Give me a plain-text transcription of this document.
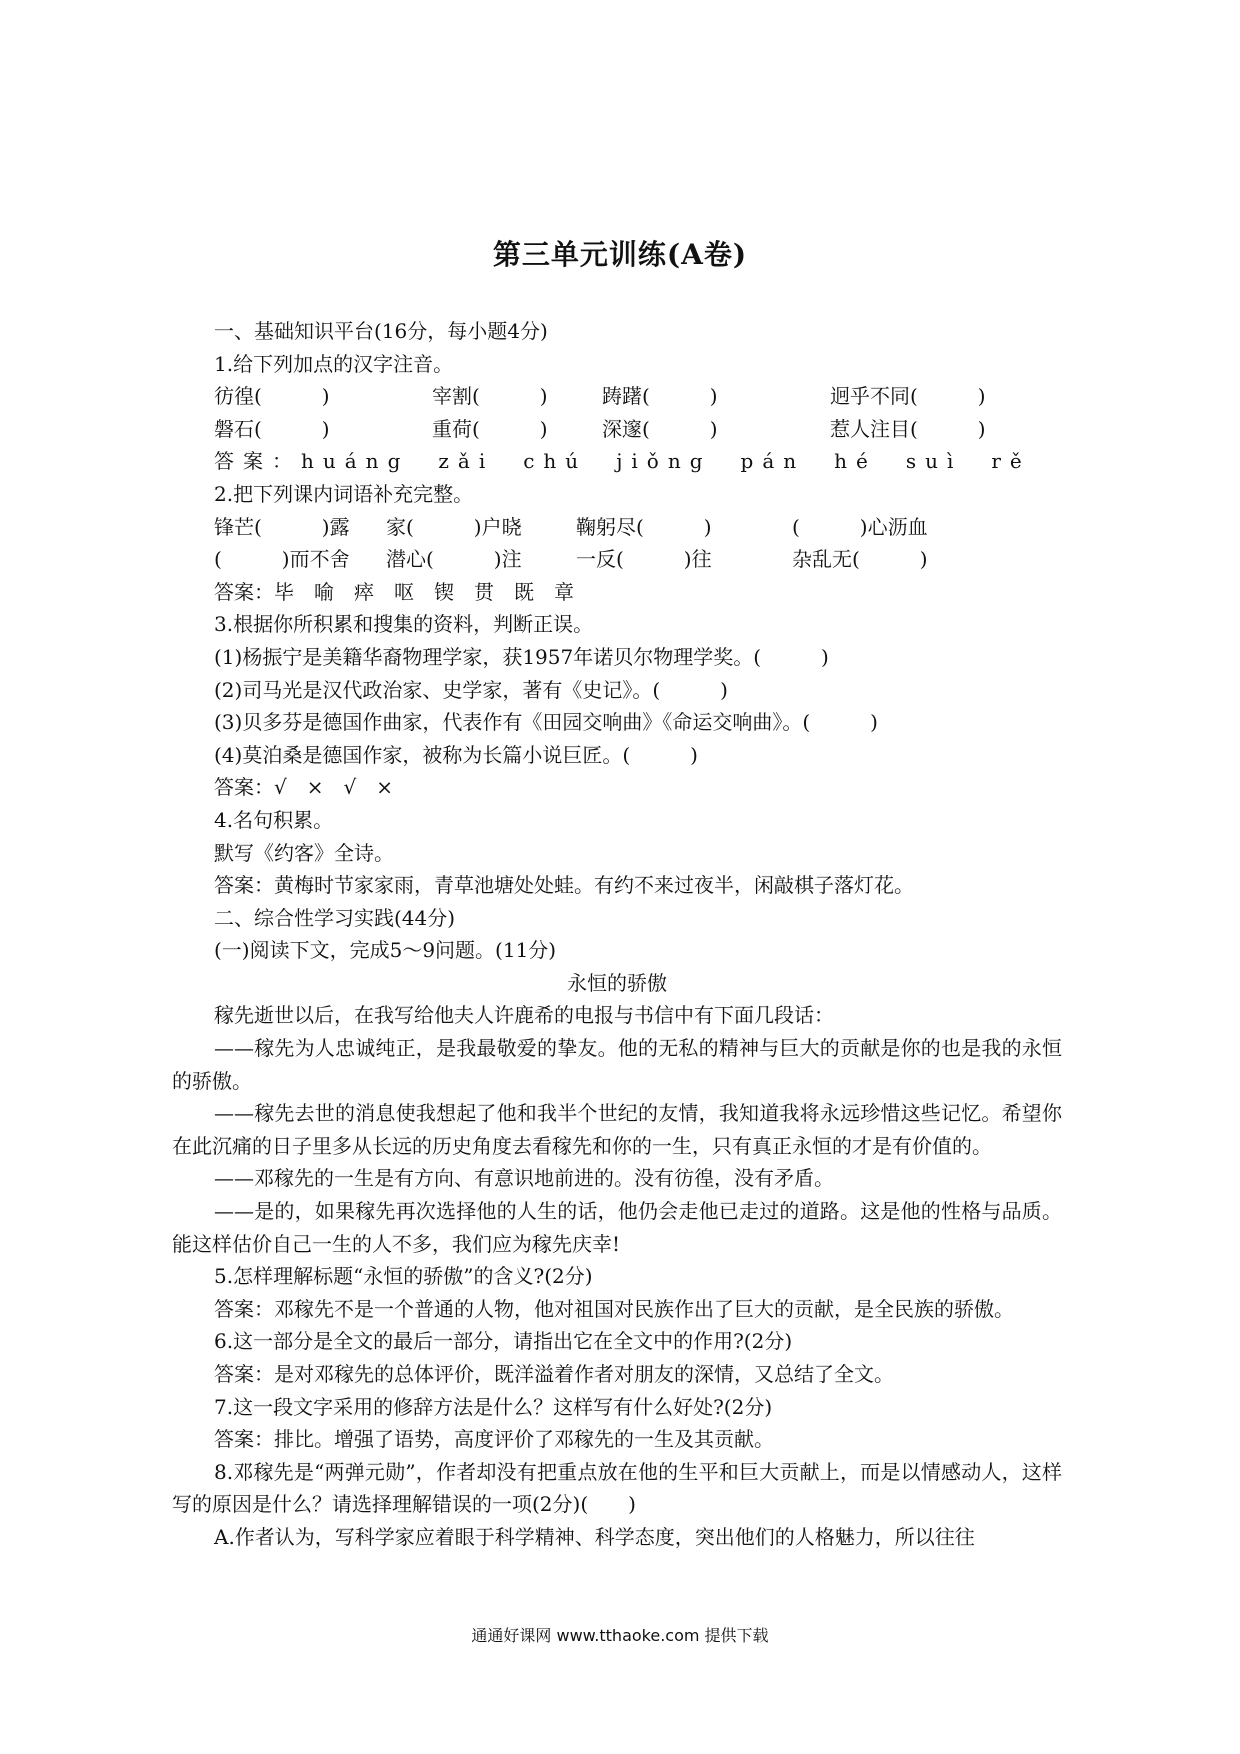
第三单元训练(A卷)
一、基础知识平台(16分，每小题4分)
1.给下列加点的汉字注音。
彷徨(　　　)	宰割(　　　)	踌躇(　　　)	迥乎不同(　　　)
磐石(　　　)	重荷(　　　)	深邃(　　　)	惹人注目(　　　)
答案：huáng　zǎi　chú　jiǒng　pán　hé　suì　rě
2.把下列课内词语补充完整。
锋芒(　　　)露	家(　　　)户晓	鞠躬尽(　　　)	(　　　)心沥血
(　　　)而不舍	潜心(　　　)注	一反(　　　)往	杂乱无(　　　)
答案：毕　喻　瘁　呕　锲　贯　既　章
3.根据你所积累和搜集的资料，判断正误。
(1)杨振宁是美籍华裔物理学家，获1957年诺贝尔物理学奖。(　　　)
(2)司马光是汉代政治家、史学家，著有《史记》。(　　　)
(3)贝多芬是德国作曲家，代表作有《田园交响曲》《命运交响曲》。(　　　)
(4)莫泊桑是德国作家，被称为长篇小说巨匠。(　　　)
答案：√　×　√　×
4.名句积累。
默写《约客》全诗。
答案：黄梅时节家家雨，青草池塘处处蛙。有约不来过夜半，闲敲棋子落灯花。
二、综合性学习实践(44分)
(一)阅读下文，完成5～9问题。(11分)
永恒的骄傲
稼先逝世以后，在我写给他夫人许鹿希的电报与书信中有下面几段话：
——稼先为人忠诚纯正，是我最敬爱的挚友。他的无私的精神与巨大的贡献是你的也是我的永恒的骄傲。
——稼先去世的消息使我想起了他和我半个世纪的友情，我知道我将永远珍惜这些记忆。希望你在此沉痛的日子里多从长远的历史角度去看稼先和你的一生，只有真正永恒的才是有价值的。
——邓稼先的一生是有方向、有意识地前进的。没有彷徨，没有矛盾。
——是的，如果稼先再次选择他的人生的话，他仍会走他已走过的道路。这是他的性格与品质。能这样估价自己一生的人不多，我们应为稼先庆幸!
5.怎样理解标题“永恒的骄傲”的含义?(2分)
答案：邓稼先不是一个普通的人物，他对祖国对民族作出了巨大的贡献，是全民族的骄傲。
6.这一部分是全文的最后一部分，请指出它在全文中的作用?(2分)
答案：是对邓稼先的总体评价，既洋溢着作者对朋友的深情，又总结了全文。
7.这一段文字采用的修辞方法是什么？这样写有什么好处?(2分)
答案：排比。增强了语势，高度评价了邓稼先的一生及其贡献。
8.邓稼先是“两弹元勋”，作者却没有把重点放在他的生平和巨大贡献上，而是以情感动人，这样写的原因是什么？请选择理解错误的一项(2分)(　　)
A.作者认为，写科学家应着眼于科学精神、科学态度，突出他们的人格魅力，所以往往
通通好课网 www.tthaoke.com 提供下载
